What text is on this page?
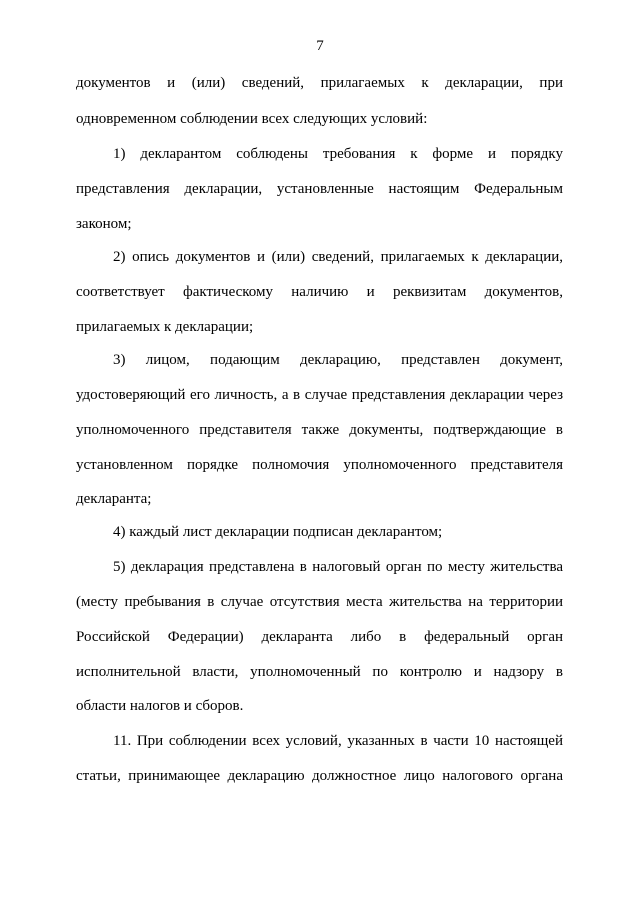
7
документов и (или) сведений, прилагаемых к декларации, при
одновременном соблюдении всех следующих условий:
1) декларантом соблюдены требования к форме и порядку
представления декларации, установленные настоящим Федеральным
законом;
2) опись документов и (или) сведений, прилагаемых к декларации,
соответствует фактическому наличию и реквизитам документов,
прилагаемых к декларации;
3) лицом, подающим декларацию, представлен документ,
удостоверяющий его личность, а в случае представления декларации через
уполномоченного представителя также документы, подтверждающие в
установленном порядке полномочия уполномоченного представителя
декларанта;
4) каждый лист декларации подписан декларантом;
5) декларация представлена в налоговый орган по месту жительства
(месту пребывания в случае отсутствия места жительства на территории
Российской Федерации) декларанта либо в федеральный орган
исполнительной власти, уполномоченный по контролю и надзору в
области налогов и сборов.
11. При соблюдении всех условий, указанных в части 10 настоящей
статьи, принимающее декларацию должностное лицо налогового органа
